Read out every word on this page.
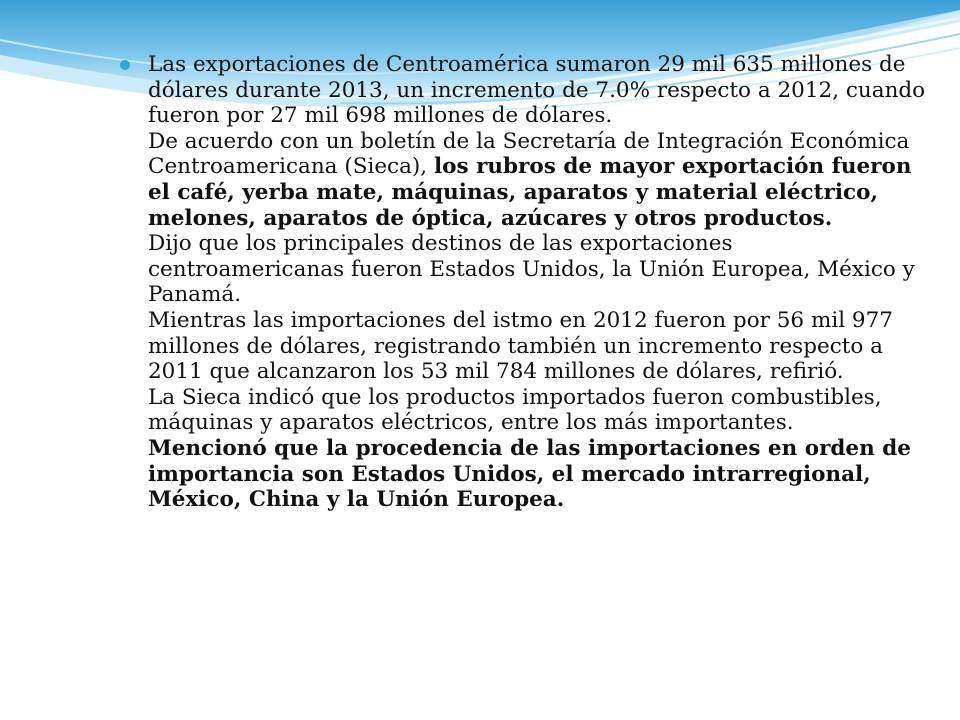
Las exportaciones de Centroamérica sumaron 29 mil 635 millones de dólares durante 2013, un incremento de 7.0% respecto a 2012, cuando fueron por 27 mil 698 millones de dólares.

De acuerdo con un boletín de la Secretaría de Integración Económica Centroamericana (Sieca), los rubros de mayor exportación fueron el café, yerba mate, máquinas, aparatos y material eléctrico, melones, aparatos de óptica, azúcares y otros productos.

Dijo que los principales destinos de las exportaciones centroamericanas fueron Estados Unidos, la Unión Europea, México y Panamá.

Mientras las importaciones del istmo en 2012 fueron por 56 mil 977 millones de dólares, registrando también un incremento respecto a 2011 que alcanzaron los 53 mil 784 millones de dólares, refirió.

La Sieca indicó que los productos importados fueron combustibles, máquinas y aparatos eléctricos, entre los más importantes.

Mencionó que la procedencia de las importaciones en orden de importancia son Estados Unidos, el mercado intrarregional, México, China y la Unión Europea.
